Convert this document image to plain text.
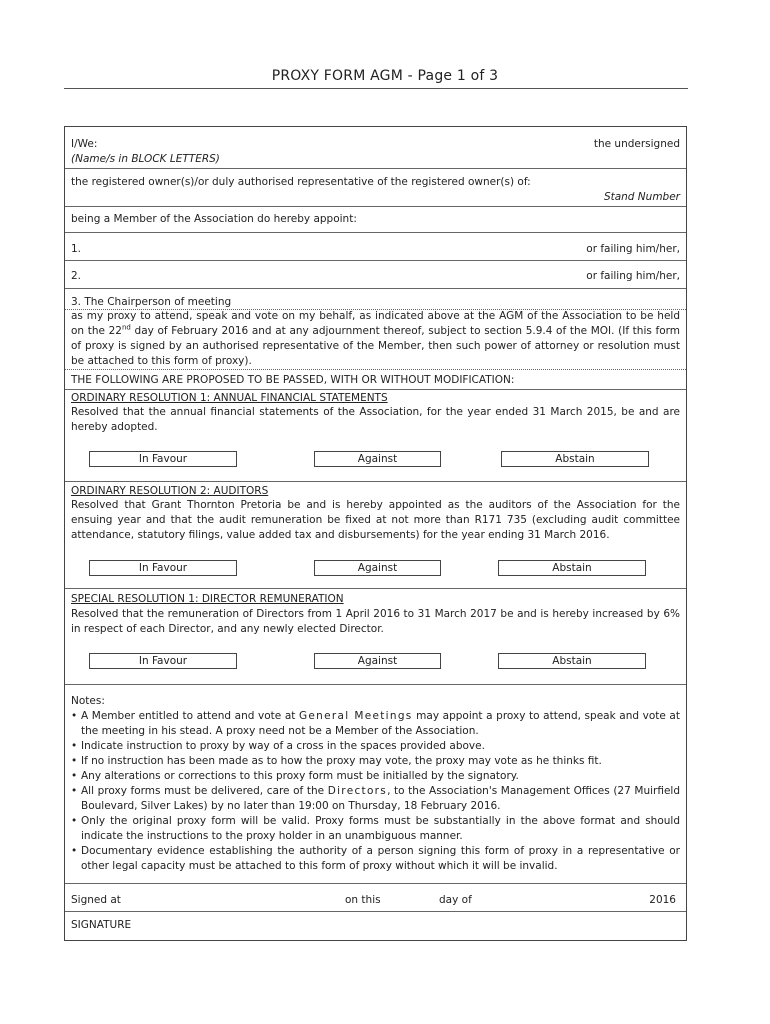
PROXY FORM AGM - Page 1 of 3
I/We:	the undersigned
(Name/s in BLOCK LETTERS)
the registered owner(s)/or duly authorised representative of the registered owner(s) of:
Stand Number
being a Member of the Association do hereby appoint:
1.	or failing him/her,
2.	or failing him/her,
3. The Chairperson of meeting
as my proxy to attend, speak and vote on my behalf, as indicated above at the AGM of the Association to be held on the 22nd day of February 2016 and at any adjournment thereof, subject to section 5.9.4 of the MOI. (If this form of proxy is signed by an authorised representative of the Member, then such power of attorney or resolution must be attached to this form of proxy).
THE FOLLOWING ARE PROPOSED TO BE PASSED, WITH OR WITHOUT MODIFICATION:
ORDINARY RESOLUTION 1: ANNUAL FINANCIAL STATEMENTS
Resolved that the annual financial statements of the Association, for the year ended 31 March 2015, be and are hereby adopted.
In Favour	Against	Abstain
ORDINARY RESOLUTION 2: AUDITORS
Resolved that Grant Thornton Pretoria be and is hereby appointed as the auditors of the Association for the ensuing year and that the audit remuneration be fixed at not more than R171 735 (excluding audit committee attendance, statutory filings, value added tax and disbursements) for the year ending 31 March 2016.
In Favour	Against	Abstain
SPECIAL RESOLUTION 1: DIRECTOR REMUNERATION
Resolved that the remuneration of Directors from 1 April 2016 to 31 March 2017 be and is hereby increased by 6% in respect of each Director, and any newly elected Director.
In Favour	Against	Abstain
Notes:
• A Member entitled to attend and vote at General Meetings may appoint a proxy to attend, speak and vote at the meeting in his stead. A proxy need not be a Member of the Association.
• Indicate instruction to proxy by way of a cross in the spaces provided above.
• If no instruction has been made as to how the proxy may vote, the proxy may vote as he thinks fit.
• Any alterations or corrections to this proxy form must be initialled by the signatory.
• All proxy forms must be delivered, care of the Directors, to the Association's Management Offices (27 Muirfield Boulevard, Silver Lakes) by no later than 19:00 on Thursday, 18 February 2016.
• Only the original proxy form will be valid. Proxy forms must be substantially in the above format and should indicate the instructions to the proxy holder in an unambiguous manner.
• Documentary evidence establishing the authority of a person signing this form of proxy in a representative or other legal capacity must be attached to this form of proxy without which it will be invalid.
Signed at	on this	day of	2016
SIGNATURE
